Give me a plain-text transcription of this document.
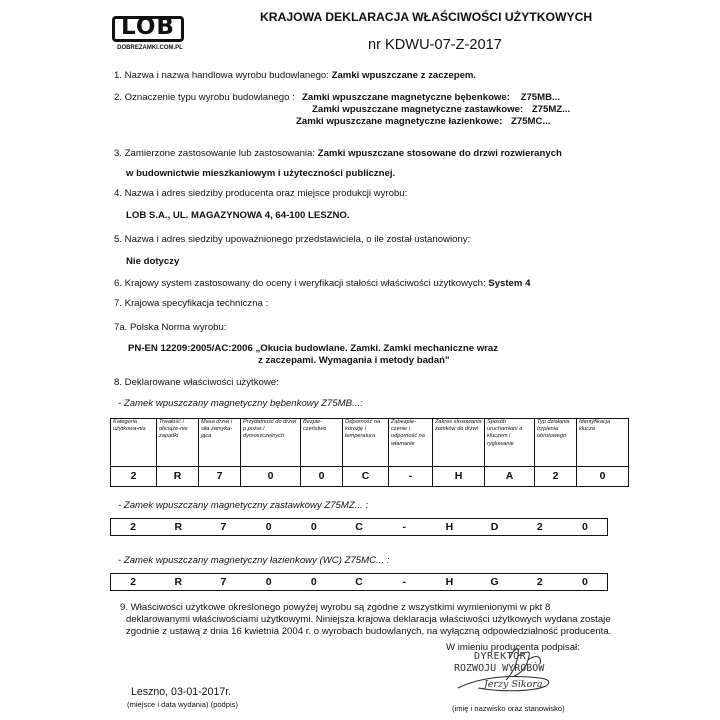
LOB
DOBREZAMKI.COM.PL
KRAJOWA DEKLARACJA WŁAŚCIWOŚCI UŻYTKOWYCH
nr KDWU-07-Z-2017
1. Nazwa i nazwa handlowa wyrobu budowlanego: Zamki wpuszczane z zaczepem.
2. Oznaczenie typu wyrobu budowlanego : Zamki wpuszczane magnetyczne bębenkowe: Z75MB...
Zamki wpuszczane magnetyczne zastawkowe: Z75MZ...
Zamki wpuszczane magnetyczne łazienkowe: Z75MC...
3. Zamierzone zastosowanie lub zastosowania: Zamki wpuszczane stosowane do drzwi rozwieranych
w budownictwie mieszkaniowym i użyteczności publicznej.
4. Nazwa i adres siedziby producenta oraz miejsce produkcji wyrobu:
LOB S.A., UL. MAGAZYNOWA 4, 64-100 LESZNO.
5. Nazwa i adres siedziby upoważnionego przedstawiciela, o ile został ustanowiony:
Nie dotyczy
6. Krajowy system zastosowany do oceny i weryfikacji stałości właściwości użytkowych: System 4
7. Krajowa specyfikacja techniczna :
7a. Polska Norma wyrobu:
PN-EN 12209:2005/AC:2006 „Okucia budowlane. Zamki. Zamki mechaniczne wraz
z zaczepami. Wymagania i metody badań"
8. Deklarowane właściwości użytkowe:
- Zamek wpuszczany magnetyczny bębenkowy Z75MB...:
Kategoria użytkowa-nia	Trwałość i obciąże-nie zapadki	Masa drzwi i siła zamyka-jąca	Przydatność do drzwi p.pożar./ dymoszczelnych	Bezpie-czeństwo	Odporność na korozję i temperatura	Zabezpie-czenie i odporność na włamanie	Zakres stosowania zamków do drzwi	Sposób uruchamiani a kluczem i ryglowanie	Typ działania trzpienia obrotowego	Identyfikacja klucza
2	R	7	0	0	C	-	H	A	2	0
- Zamek wpuszczany magnetyczny zastawkowy Z75MZ... :
2	R	7	0	0	C	-	H	D	2	0
- Zamek wpuszczany magnetyczny łazienkowy (WC) Z75MC... :
2	R	7	0	0	C	-	H	G	2	0
9. Właściwości użytkowe określonego powyżej wyrobu są zgodne z wszystkimi wymienionymi w pkt 8
deklarowanymi właściwościami użytkowymi. Niniejsza krajowa deklaracja właściwości użytkowych wydana zostaje
zgodnie z ustawą z dnia 16 kwietnia 2004 r. o wyrobach budowlanych, na wyłączną odpowiedzialność producenta.
W imieniu producenta podpisał:
DYREKTOR
ROZWOJU WYROBÓW
Jerzy Sikora
(imię i nazwisko oraz stanowisko)
Leszno, 03-01-2017r.
(miejsce i data wydania) (podpis)
